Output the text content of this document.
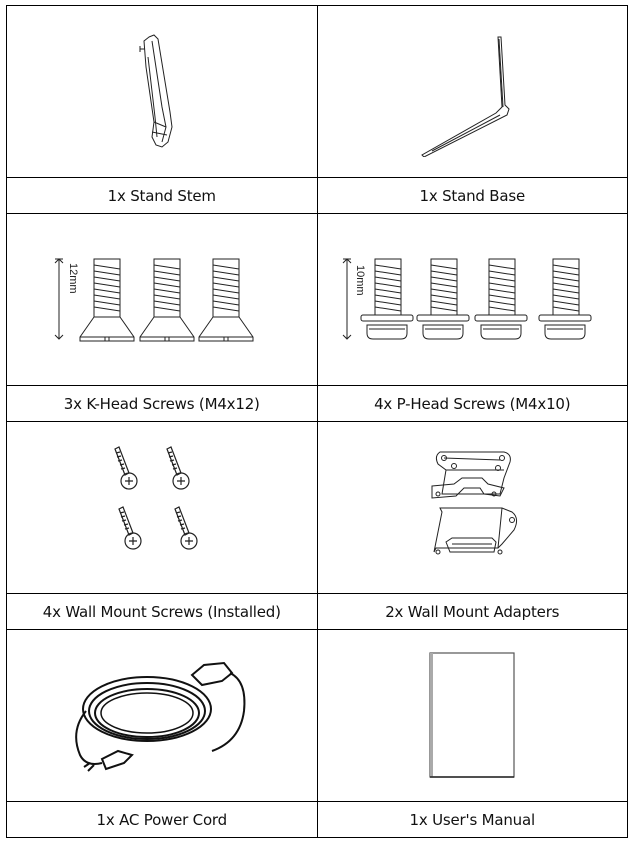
1x Stand Stem	1x Stand Base

12mm	10mm

3x K-Head Screws (M4x12)	4x P-Head Screws (M4x10)

4x Wall Mount Screws (Installed)	2x Wall Mount Adapters

1x AC Power Cord	1x User's Manual
